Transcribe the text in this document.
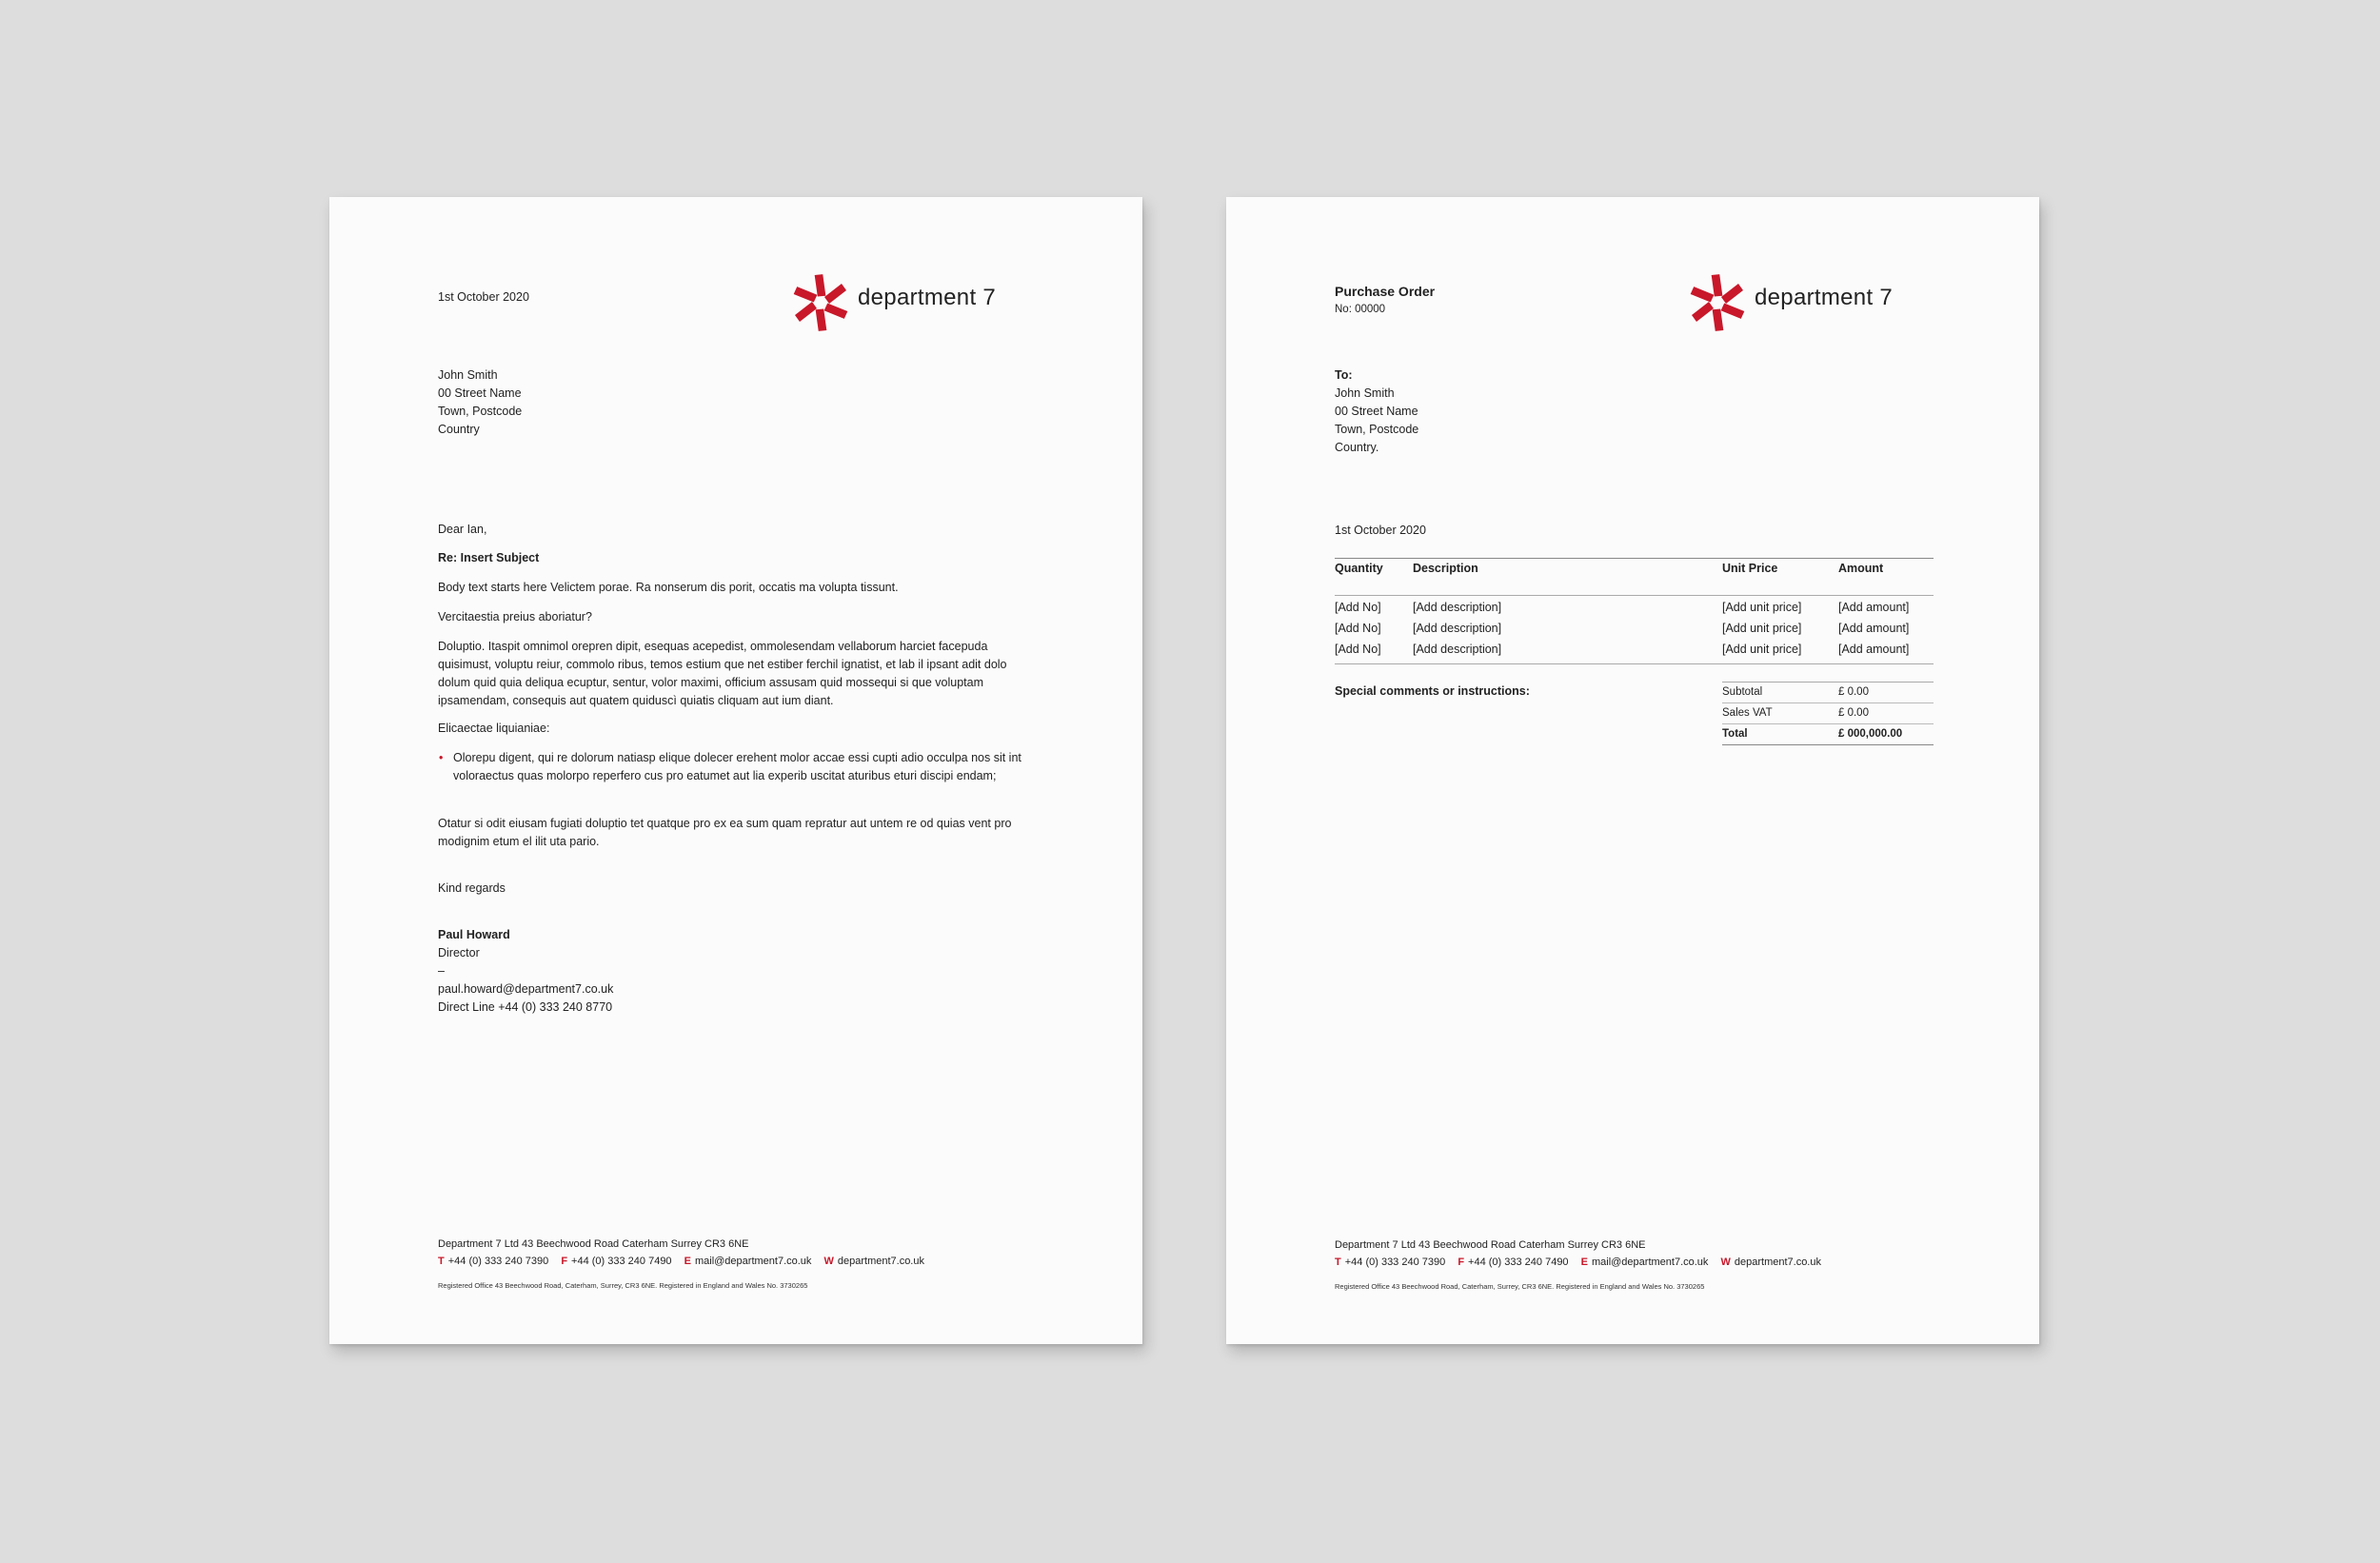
1st October 2020	department 7
John Smith
00 Street Name
Town, Postcode
Country
Dear Ian,
Re: Insert Subject
Body text starts here Velictem porae. Ra nonserum dis porit, occatis ma volupta tissunt.
Vercitaestia preius aboriatur?
Doluptio. Itaspit omnimol orepren dipit, esequas acepedist, ommolesendam vellaborum harciet facepuda quisimust, voluptu reiur, commolo ribus, temos estium que net estiber ferchil ignatist, et lab il ipsant adit dolo dolum quid quia deliqua ecuptur, sentur, volor maximi, officium assusam quid mossequi si que voluptam ipsamendam, consequis aut quatem quiduscì quiatis cliquam aut ium diant.
Elicaectae liquianiae:
• Olorepu digent, qui re dolorum natiasp elique dolecer erehent molor accae essi cupti adio occulpa nos sit int voloraectus quas molorpo reperfero cus pro eatumet aut lia experib uscitat aturibus eturi discipi endam;
Otatur si odit eiusam fugiati doluptio tet quatque pro ex ea sum quam repratur aut untem re od quias vent pro modignim etum el ilit uta pario.
Kind regards
Paul Howard
Director
–
paul.howard@department7.co.uk
Direct Line +44 (0) 333 240 8770
Department 7 Ltd 43 Beechwood Road Caterham Surrey CR3 6NE
T +44 (0) 333 240 7390 F +44 (0) 333 240 7490 E mail@department7.co.uk W department7.co.uk
Registered Office 43 Beechwood Road, Caterham, Surrey, CR3 6NE. Registered in England and Wales No. 3730265
Purchase Order
No: 00000	department 7
To:
John Smith
00 Street Name
Town, Postcode
Country.
1st October 2020
Quantity	Description	Unit Price	Amount
[Add No]	[Add description]	[Add unit price]	[Add amount]
[Add No]	[Add description]	[Add unit price]	[Add amount]
[Add No]	[Add description]	[Add unit price]	[Add amount]
Special comments or instructions:	Subtotal	£ 0.00
Sales VAT	£ 0.00
Total	£ 000,000.00
Department 7 Ltd 43 Beechwood Road Caterham Surrey CR3 6NE
T +44 (0) 333 240 7390 F +44 (0) 333 240 7490 E mail@department7.co.uk W department7.co.uk
Registered Office 43 Beechwood Road, Caterham, Surrey, CR3 6NE. Registered in England and Wales No. 3730265
